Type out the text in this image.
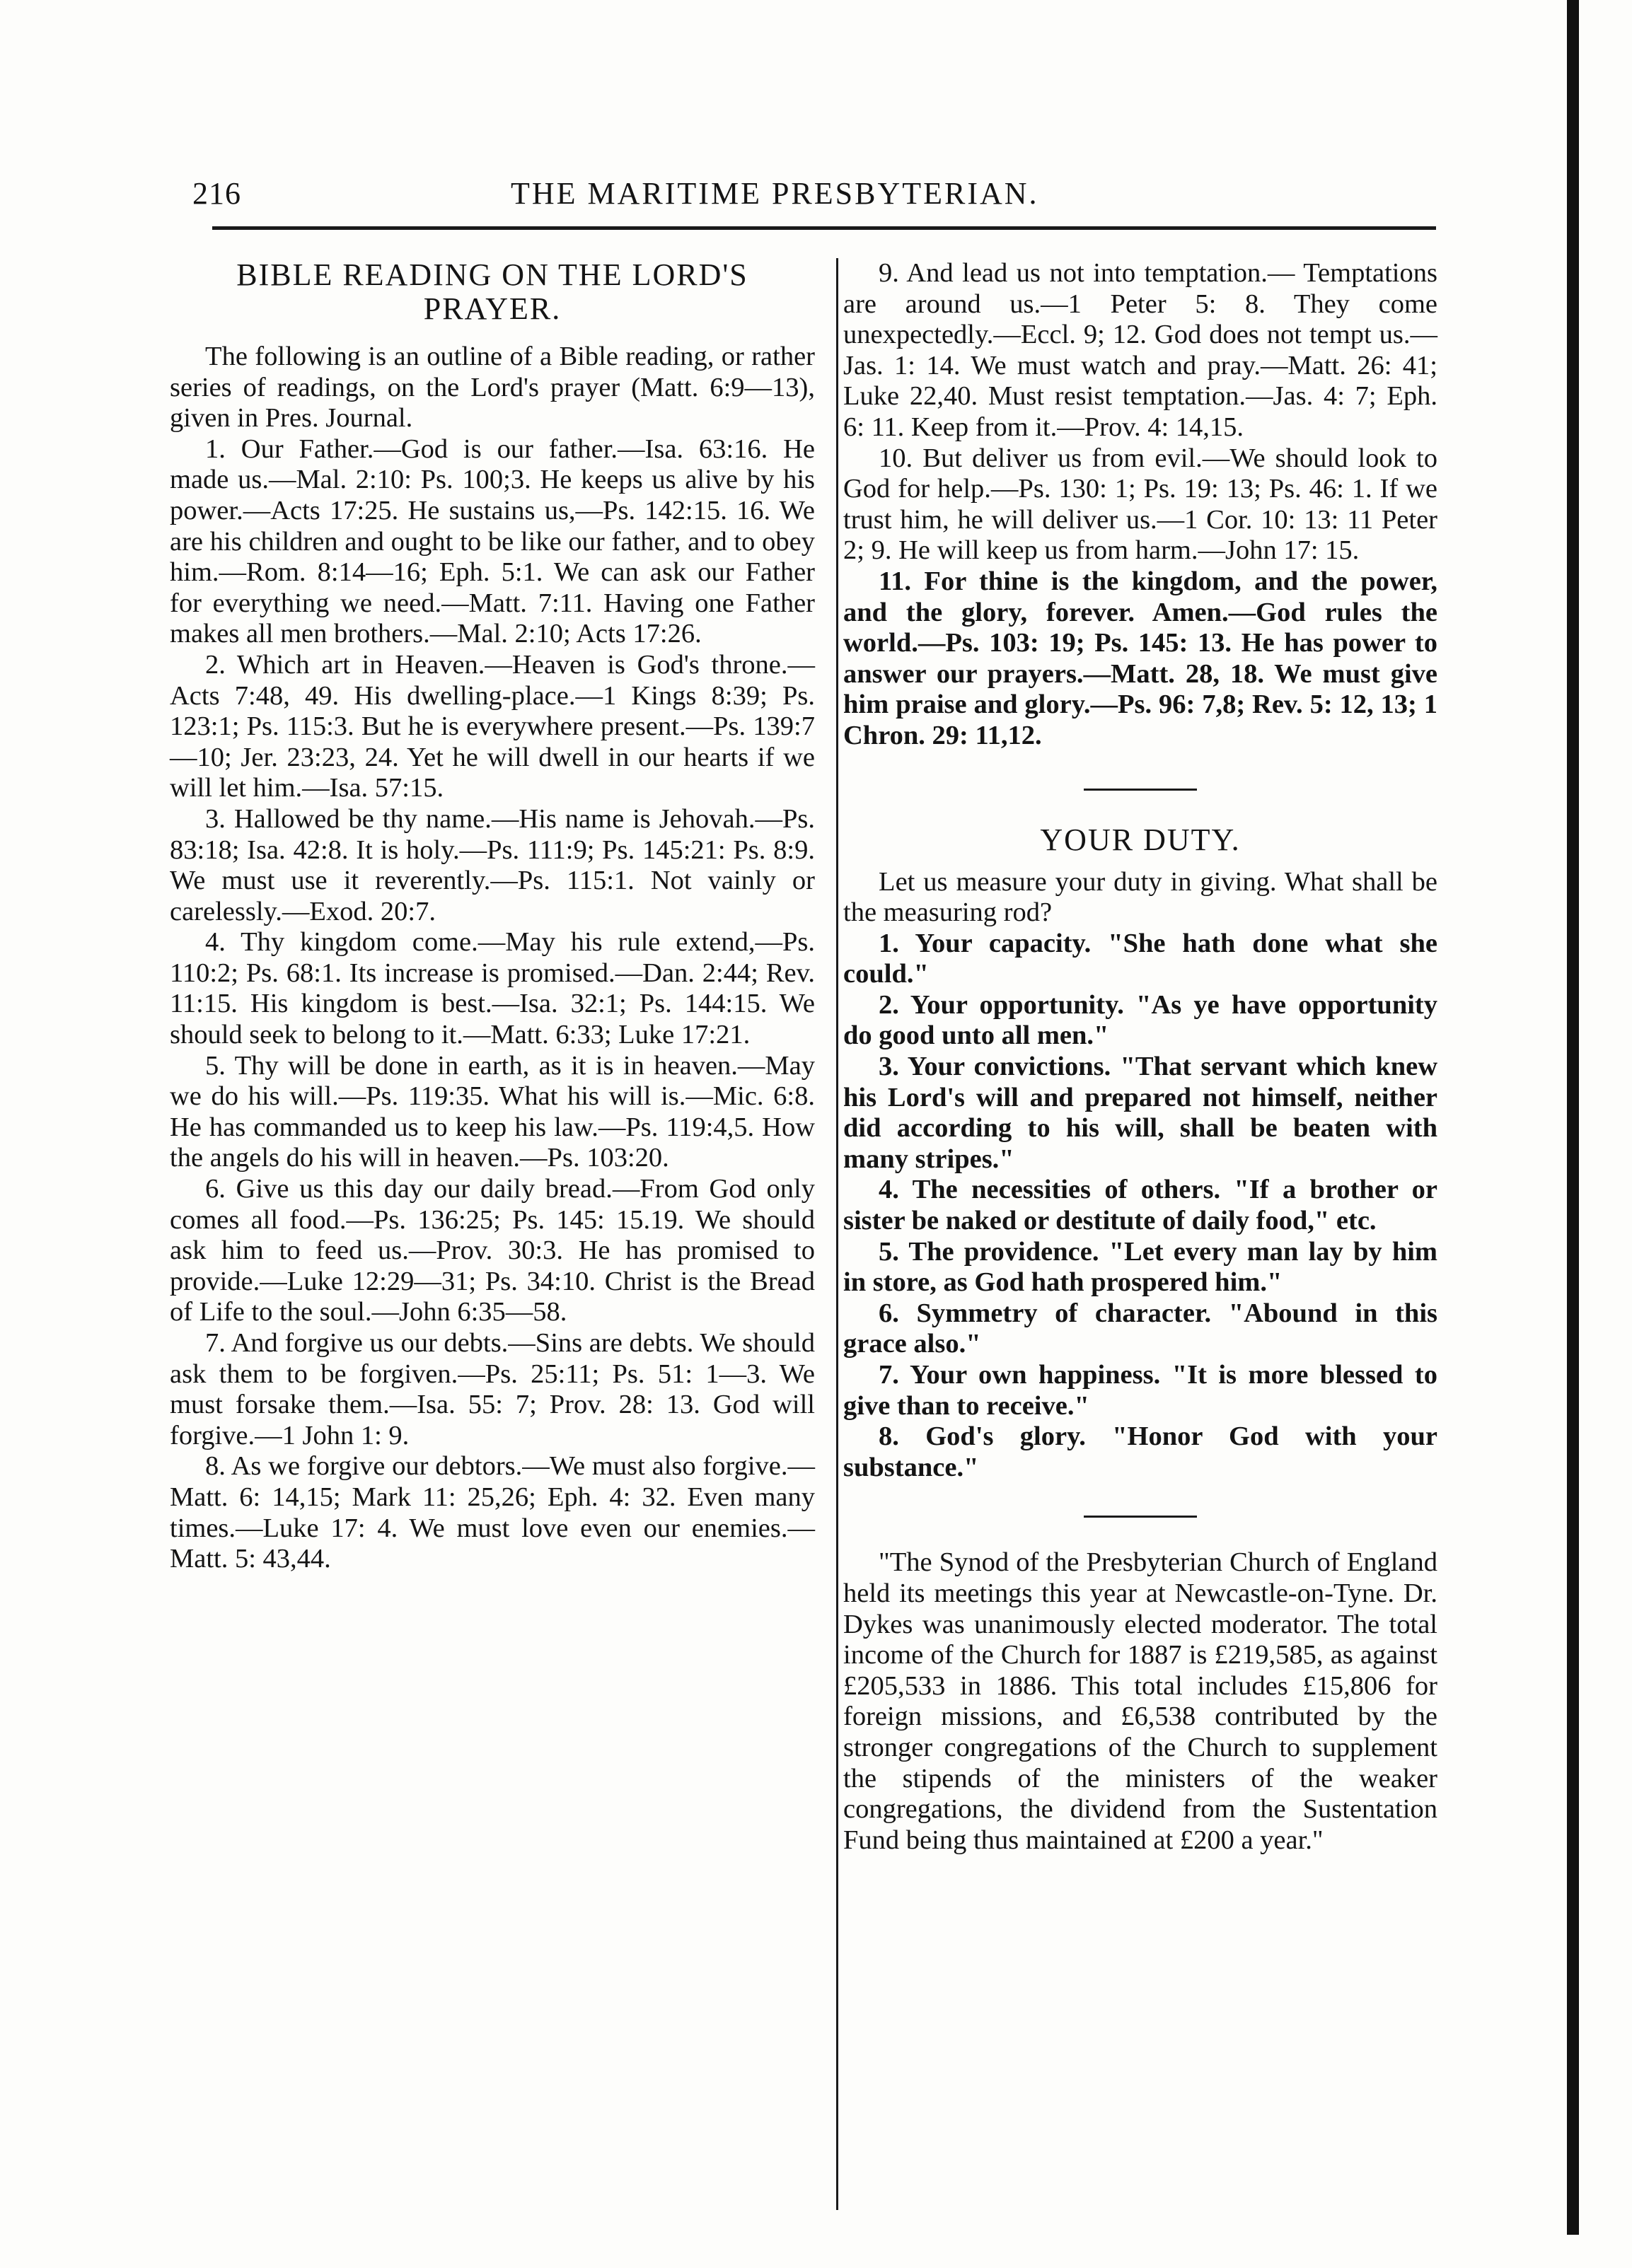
216	THE MARITIME PRESBYTERIAN.
BIBLE READING ON THE LORD'S PRAYER.

The following is an outline of a Bible reading, or rather series of readings, on the Lord's prayer (Matt. 6:9—13), given in Pres. Journal.

1. Our Father.—God is our father.—Isa. 63:16. He made us.—Mal. 2:10: Ps. 100;3. He keeps us alive by his power.—Acts 17:25. He sustains us,—Ps. 142:15. 16. We are his children and ought to be like our father, and to obey him.—Rom. 8:14—16; Eph. 5:1. We can ask our Father for everything we need.—Matt. 7:11. Having one Father makes all men brothers.—Mal. 2:10; Acts 17:26.

2. Which art in Heaven.—Heaven is God's throne.—Acts 7:48, 49. His dwelling-place.—1 Kings 8:39; Ps. 123:1; Ps. 115:3. But he is everywhere present.—Ps. 139:7—10; Jer. 23:23, 24. Yet he will dwell in our hearts if we will let him.—Isa. 57:15.

3. Hallowed be thy name.—His name is Jehovah.—Ps. 83:18; Isa. 42:8. It is holy.—Ps. 111:9; Ps. 145:21: Ps. 8:9. We must use it reverently.—Ps. 115:1. Not vainly or carelessly.—Exod. 20:7.

4. Thy kingdom come.—May his rule extend,—Ps. 110:2; Ps. 68:1. Its increase is promised.—Dan. 2:44; Rev. 11:15. His kingdom is best.—Isa. 32:1; Ps. 144:15. We should seek to belong to it.—Matt. 6:33; Luke 17:21.

5. Thy will be done in earth, as it is in heaven.—May we do his will.—Ps. 119:35. What his will is.—Mic. 6:8. He has commanded us to keep his law.—Ps. 119:4,5. How the angels do his will in heaven.—Ps. 103:20.

6. Give us this day our daily bread.—From God only comes all food.—Ps. 136:25; Ps. 145: 15.19. We should ask him to feed us.—Prov. 30:3. He has promised to provide.—Luke 12:29—31; Ps. 34:10. Christ is the Bread of Life to the soul.—John 6:35—58.

7. And forgive us our debts.—Sins are debts. We should ask them to be forgiven.—Ps. 25:11; Ps. 51: 1—3. We must forsake them.—Isa. 55: 7; Prov. 28: 13. God will forgive.—1 John 1: 9.

8. As we forgive our debtors.—We must also forgive.—Matt. 6: 14,15; Mark 11: 25,26; Eph. 4: 32. Even many times.—Luke 17: 4. We must love even our enemies.—Matt. 5: 43,44.

9. And lead us not into temptation.— Temptations are around us.—1 Peter 5: 8. They come unexpectedly.—Eccl. 9; 12. God does not tempt us.—Jas. 1: 14. We must watch and pray.—Matt. 26: 41; Luke 22,40. Must resist temptation.—Jas. 4: 7; Eph. 6: 11. Keep from it.—Prov. 4: 14,15.

10. But deliver us from evil.—We should look to God for help.—Ps. 130: 1; Ps. 19: 13; Ps. 46: 1. If we trust him, he will deliver us.—1 Cor. 10: 13: 11 Peter 2; 9. He will keep us from harm.—John 17: 15.

11. For thine is the kingdom, and the power, and the glory, forever. Amen.—God rules the world.—Ps. 103: 19; Ps. 145: 13. He has power to answer our prayers.—Matt. 28, 18. We must give him praise and glory.—Ps. 96: 7,8; Rev. 5: 12, 13; 1 Chron. 29: 11,12.

YOUR DUTY.

Let us measure your duty in giving. What shall be the measuring rod?

1. Your capacity. "She hath done what she could."

2. Your opportunity. "As ye have opportunity do good unto all men."

3. Your convictions. "That servant which knew his Lord's will and prepared not himself, neither did according to his will, shall be beaten with many stripes."

4. The necessities of others. "If a brother or sister be naked or destitute of daily food," etc.

5. The providence. "Let every man lay by him in store, as God hath prospered him."

6. Symmetry of character. "Abound in this grace also."

7. Your own happiness. "It is more blessed to give than to receive."

8. God's glory. "Honor God with your substance."

"The Synod of the Presbyterian Church of England held its meetings this year at Newcastle-on-Tyne. Dr. Dykes was unanimously elected moderator. The total income of the Church for 1887 is £219,585, as against £205,533 in 1886. This total includes £15,806 for foreign missions, and £6,538 contributed by the stronger congregations of the Church to supplement the stipends of the ministers of the weaker congregations, the dividend from the Sustentation Fund being thus maintained at £200 a year."
